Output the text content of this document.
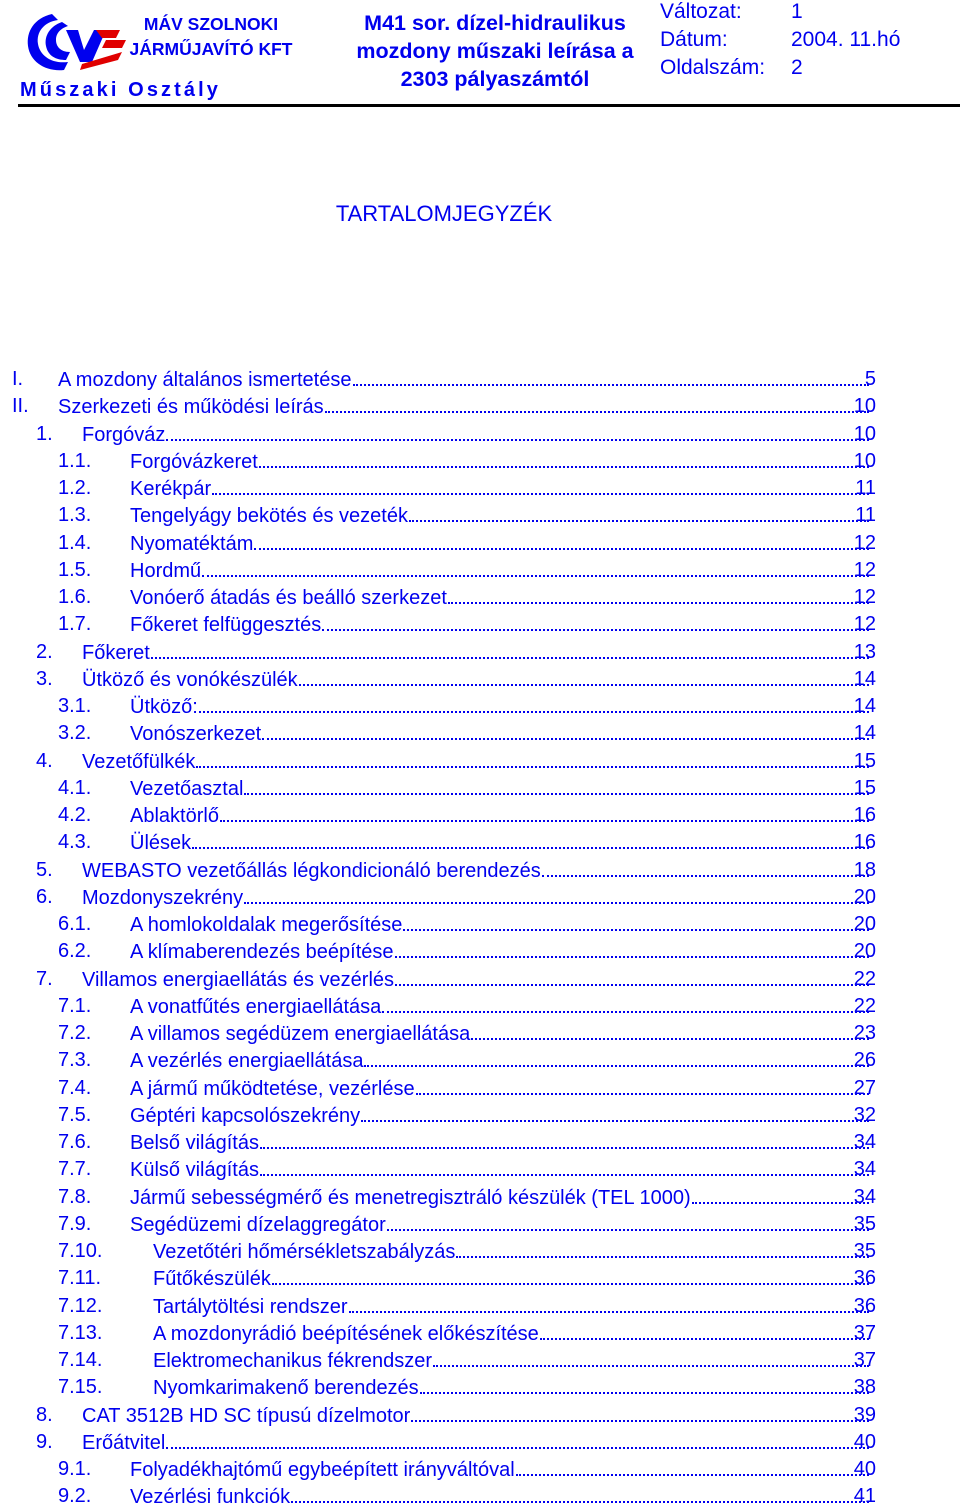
MÁV SZOLNOKI
JÁRMŰJAVÍTÓ KFT
Műszaki Osztály
M41 sor. dízel-hidraulikus
mozdony műszaki leírása a
2303 pályaszámtól
Változat: 1
Dátum:	2004. 11.hó
Oldalszám: 2
TARTALOMJEGYZÉK
I. A mozdony általános ismertetése	5
II. Szerkezeti és működési leírás	10
1. Forgóváz	10
1.1. Forgóvázkeret	10
1.2. Kerékpár	11
1.3. Tengelyágy bekötés és vezeték	11
1.4. Nyomatéktám	12
1.5. Hordmű	12
1.6. Vonóerő átadás és beálló szerkezet	12
1.7. Főkeret felfüggesztés	12
2. Főkeret	13
3. Ütköző és vonókészülék	14
3.1. Ütköző:	14
3.2. Vonószerkezet	14
4. Vezetőfülkék	15
4.1. Vezetőasztal	15
4.2. Ablaktörlő	16
4.3. Ülések	16
5. WEBASTO vezetőállás légkondicionáló berendezés	18
6. Mozdonyszekrény	20
6.1. A homlokoldalak megerősítése	20
6.2. A klímaberendezés beépítése	20
7. Villamos energiaellátás és vezérlés	22
7.1. A vonatfűtés energiaellátása	22
7.2. A villamos segédüzem energiaellátása	23
7.3. A vezérlés energiaellátása	26
7.4. A jármű működtetése, vezérlése	27
7.5. Géptéri kapcsolószekrény	32
7.6. Belső világítás	34
7.7. Külső világítás	34
7.8. Jármű sebességmérő és menetregisztráló készülék (TEL 1000)	34
7.9. Segédüzemi dízelaggregátor	35
7.10.	Vezetőtéri hőmérsékletszabályzás	35
7.11.	Fűtőkészülék	36
7.12.	Tartálytöltési rendszer	36
7.13.	A mozdonyrádió beépítésének előkészítése	37
7.14.	Elektromechanikus fékrendszer	37
7.15.	Nyomkarimakenő berendezés	38
8. CAT 3512B HD SC típusú dízelmotor	39
9. Erőátvitel	40
9.1. Folyadékhajtómű egybeépített irányváltóval	40
9.2. Vezérlési funkciók	41
